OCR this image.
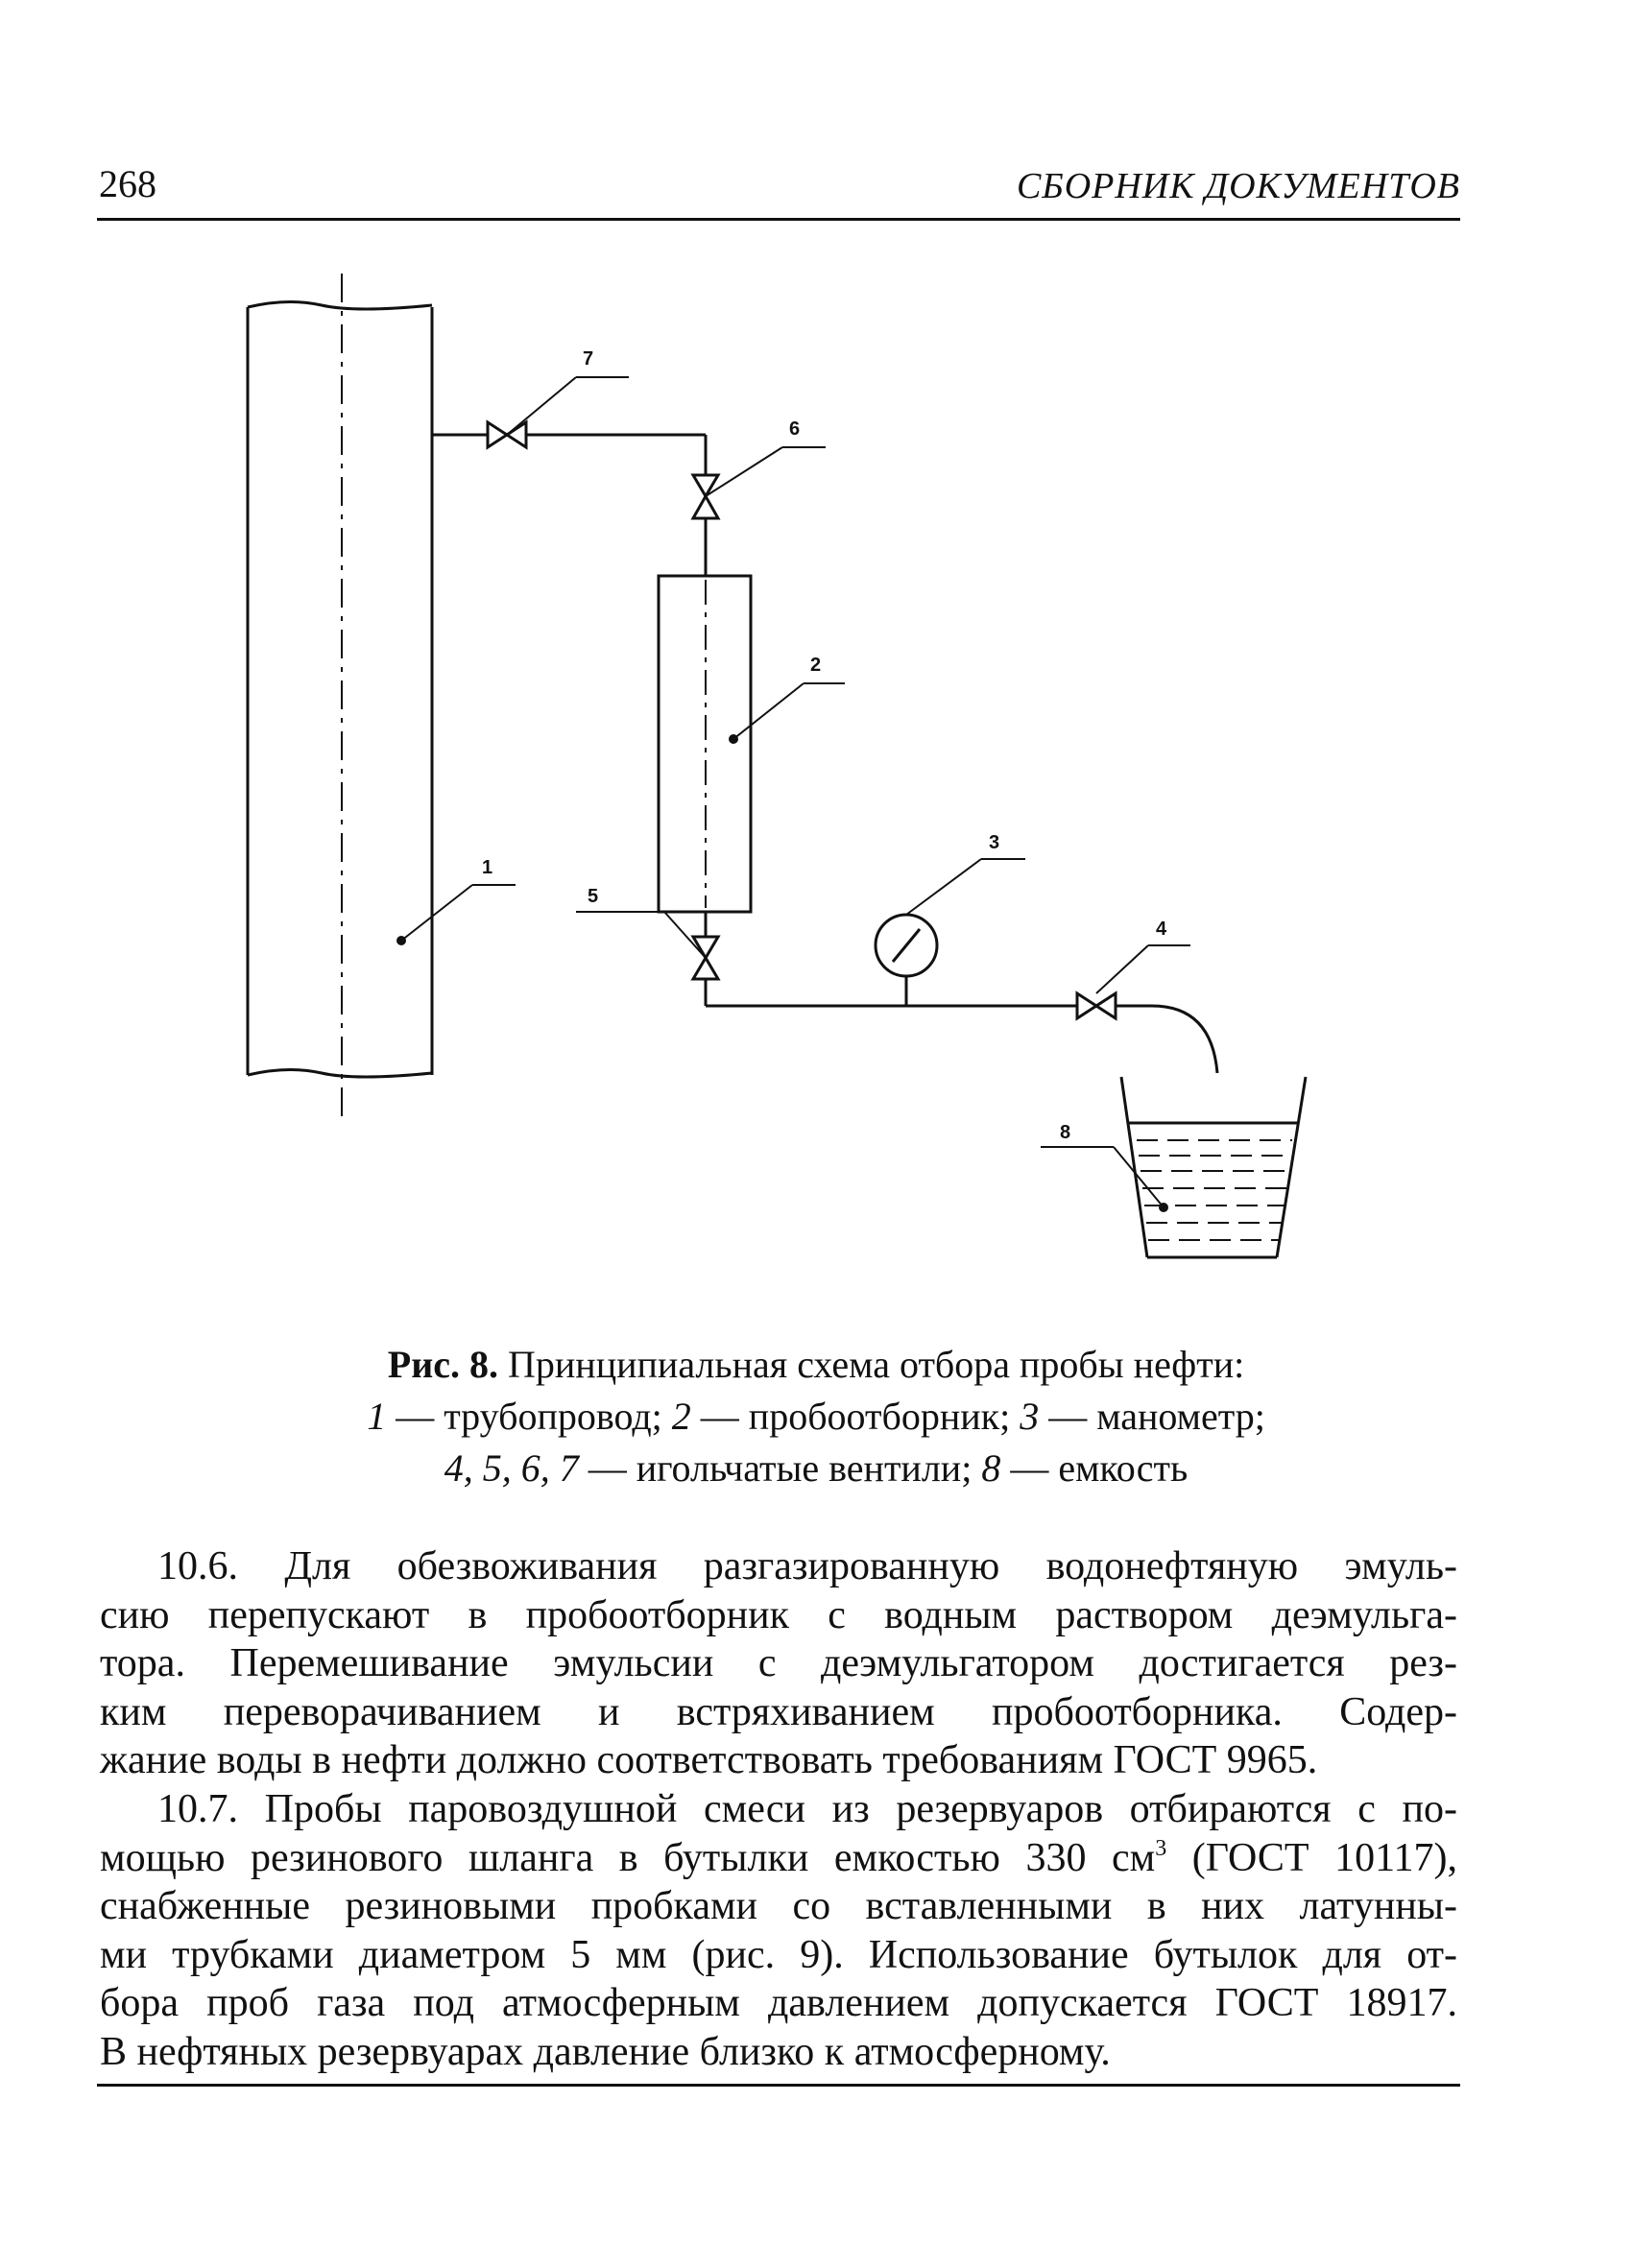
268	СБОРНИК ДОКУМЕНТОВ
1
2
3
4
5
6
7
8
Рис. 8. Принципиальная схема отбора пробы нефти:
1 — трубопровод; 2 — пробоотборник; 3 — манометр;
4, 5, 6, 7 — игольчатые вентили; 8 — емкость
10.6. Для обезвоживания разгазированную водонефтяную эмуль-
сию перепускают в пробоотборник с водным раствором деэмульга-
тора. Перемешивание эмульсии с деэмульгатором достигается рез-
ким переворачиванием и встряхиванием пробоотборника. Содер-
жание воды в нефти должно соответствовать требованиям ГОСТ 9965.
10.7. Пробы паровоздушной смеси из резервуаров отбираются с по-
мощью резинового шланга в бутылки емкостью 330 $см^3$ (ГОСТ 10117),
снабженные резиновыми пробками со вставленными в них латунны-
ми трубками диаметром 5 мм (рис. 9). Использование бутылок для от-
бора проб газа под атмосферным давлением допускается ГОСТ 18917.
В нефтяных резервуарах давление близко к атмосферному.
